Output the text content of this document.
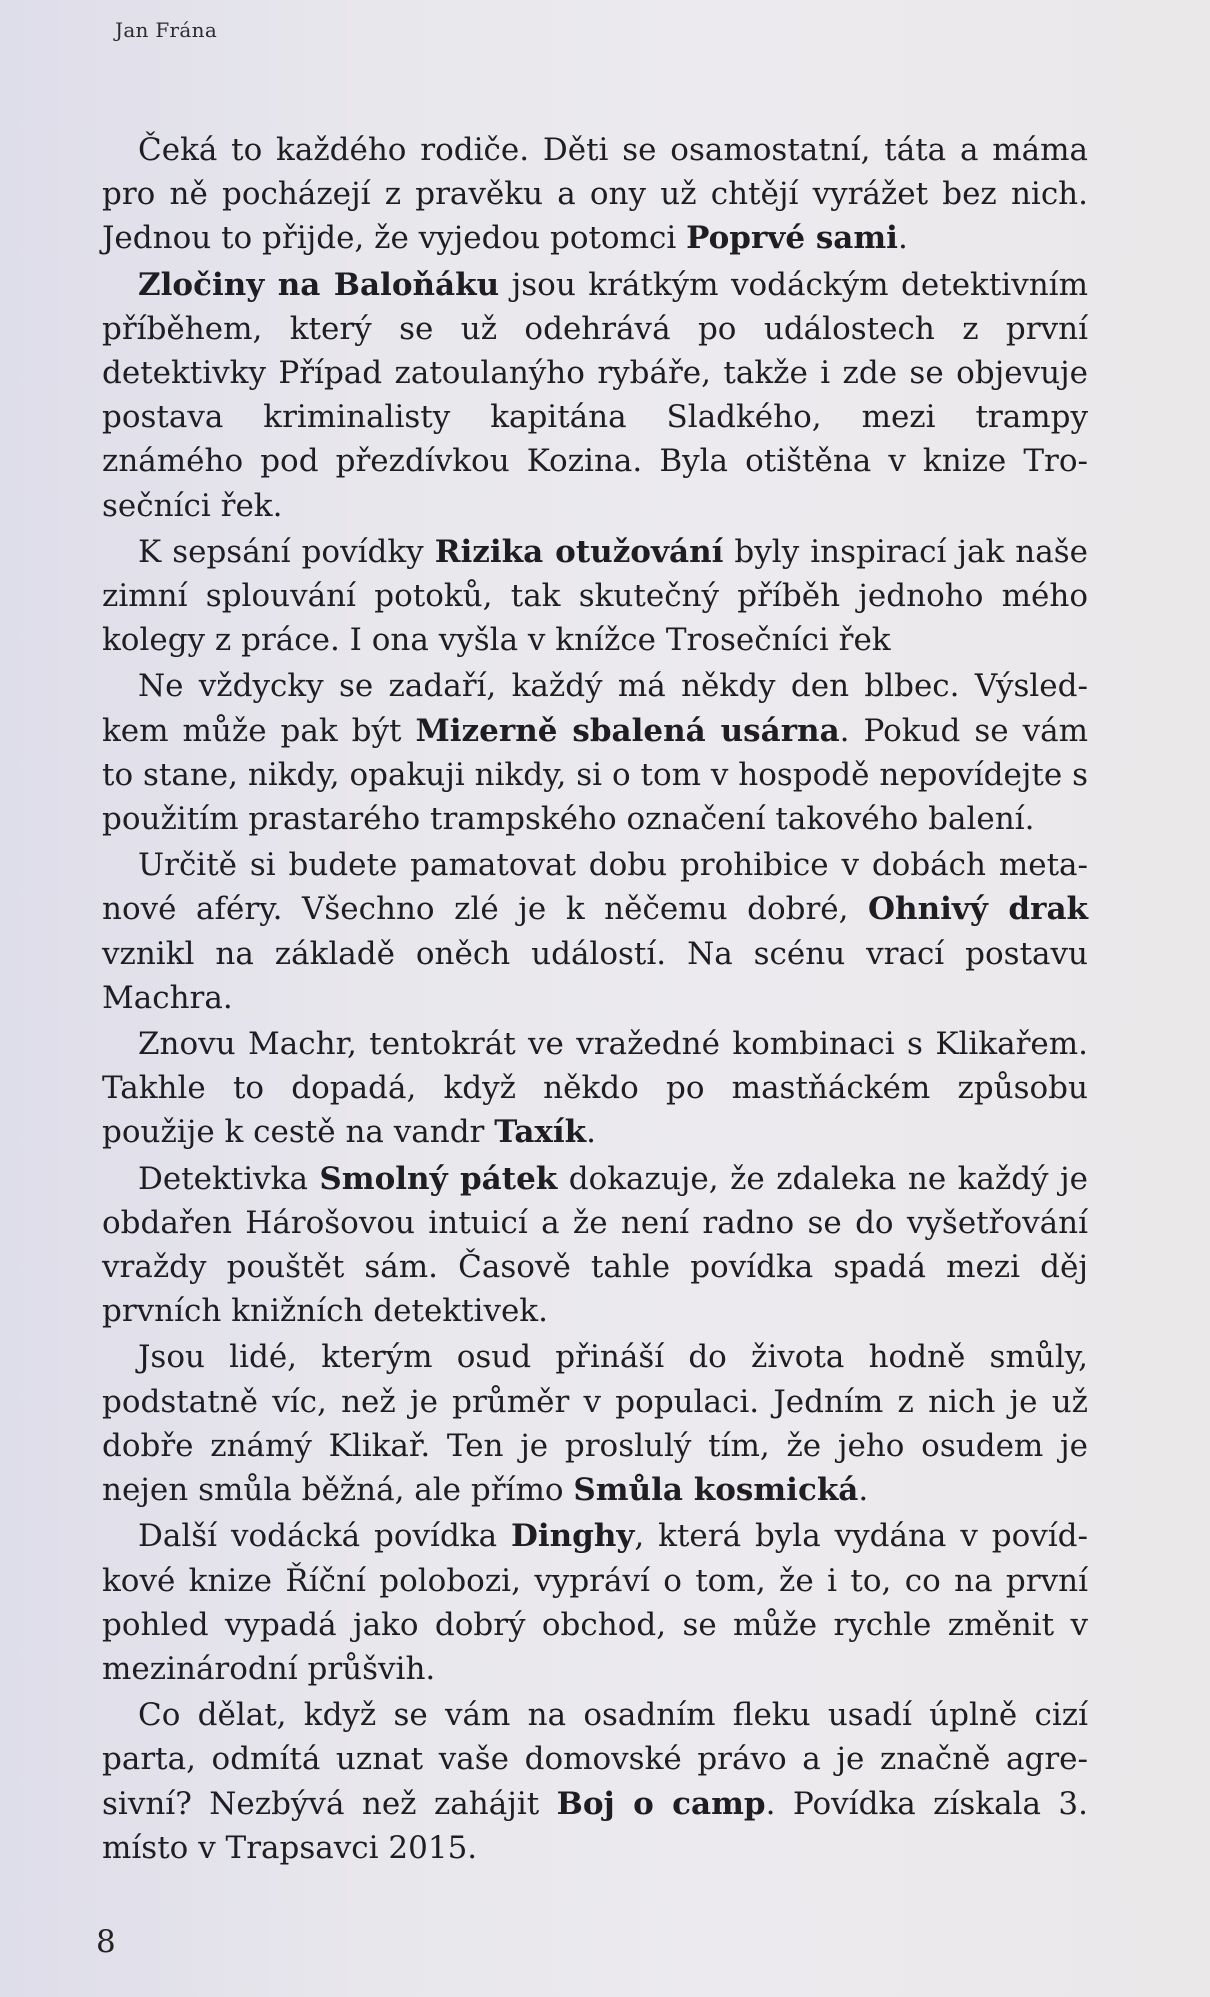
Jan Frána

Čeká to každého rodiče. Děti se osamostatní, táta a máma pro ně pocházejí z pravěku a ony už chtějí vyrážet bez nich. Jednou to přijde, že vyjedou potomci Poprvé sami.

Zločiny na Baloňáku jsou krátkým vodáckým detektivním příběhem, který se už odehrává po událostech z první detektivky Případ zatoulanýho rybáře, takže i zde se objevuje postava kriminalisty kapitána Sladkého, mezi trampy známého pod přezdívkou Kozina. Byla otištěna v knize Trosečníci řek.

K sepsání povídky Rizika otužování byly inspirací jak naše zimní splouvání potoků, tak skutečný příběh jednoho mého kolegy z práce. I ona vyšla v knížce Trosečníci řek

Ne vždycky se zadaří, každý má někdy den blbec. Výsledkem může pak být Mizerně sbalená usárna. Pokud se vám to stane, nikdy, opakuji nikdy, si o tom v hospodě nepovídejte s použitím prastarého trampského označení takového balení.

Určitě si budete pamatovat dobu prohibice v dobách metanové aféry. Všechno zlé je k něčemu dobré, Ohnivý drak vznikl na základě oněch událostí. Na scénu vrací postavu Machra.

Znovu Machr, tentokrát ve vražedné kombinaci s Klikařem. Takhle to dopadá, když někdo po mastňáckém způsobu použije k cestě na vandr Taxík.

Detektivka Smolný pátek dokazuje, že zdaleka ne každý je obdařen Hárošovou intuicí a že není radno se do vyšetřování vraždy pouštět sám. Časově tahle povídka spadá mezi děj prvních knižních detektivek.

Jsou lidé, kterým osud přináší do života hodně smůly, podstatně víc, než je průměr v populaci. Jedním z nich je už dobře známý Klikař. Ten je proslulý tím, že jeho osudem je nejen smůla běžná, ale přímo Smůla kosmická.

Další vodácká povídka Dinghy, která byla vydána v povídkové knize Říční polobozi, vypráví o tom, že i to, co na první pohled vypadá jako dobrý obchod, se může rychle změnit v mezinárodní průšvih.

Co dělat, když se vám na osadním fleku usadí úplně cizí parta, odmítá uznat vaše domovské právo a je značně agresivní? Nezbývá než zahájit Boj o camp. Povídka získala 3. místo v Trapsavci 2015.

8
